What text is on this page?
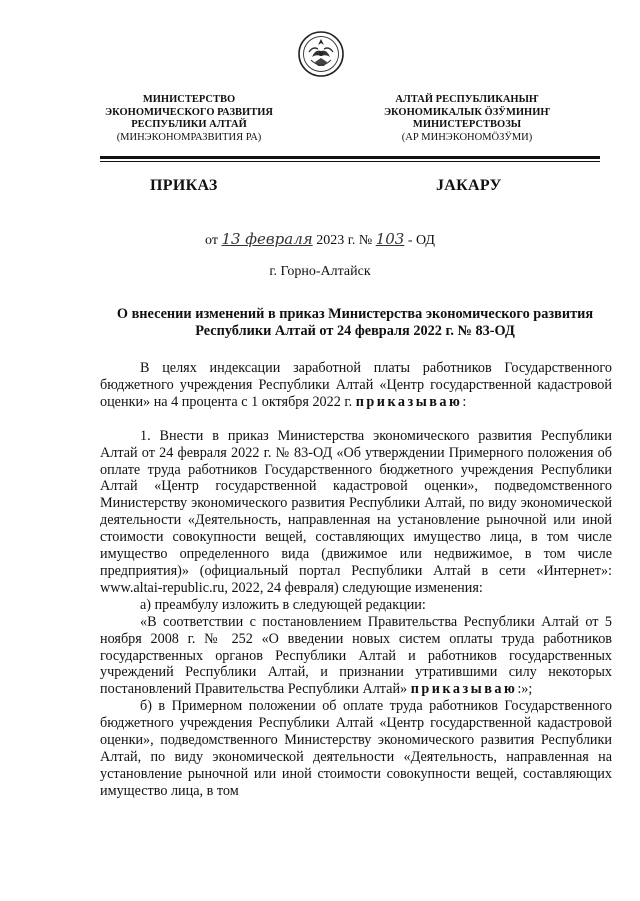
МИНИСТЕРСТВО
ЭКОНОМИЧЕСКОГО РАЗВИТИЯ
РЕСПУБЛИКИ АЛТАЙ
(МИНЭКОНОМРАЗВИТИЯ РА)
АЛТАЙ РЕСПУБЛИКАНЫҤ
ЭКОНОМИКАЛЫК ӦЗӰМИНИҤ
МИНИСТЕРСТВОЗЫ
(АР МИНЭКОНОМӦЗӰМИ)
ПРИКАЗ	ЈАКАРУ
от 13 февраля 2023 г. № 103 - ОД
г. Горно-Алтайск
О внесении изменений в приказ Министерства экономического развития
Республики Алтай от 24 февраля 2022 г. № 83-ОД

В целях индексации заработной платы работников Государственного бюджетного учреждения Республики Алтай «Центр государственной кадастровой оценки» на 4 процента с 1 октября 2022 г. приказываю:

1. Внести в приказ Министерства экономического развития Республики Алтай от 24 февраля 2022 г. № 83-ОД «Об утверждении Примерного положения об оплате труда работников Государственного бюджетного учреждения Республики Алтай «Центр государственной кадастровой оценки», подведомственного Министерству экономического развития Республики Алтай, по виду экономической деятельности «Деятельность, направленная на установление рыночной или иной стоимости совокупности вещей, составляющих имущество лица, в том числе имущество определенного вида (движимое или недвижимое, в том числе предприятия)» (официальный портал Республики Алтай в сети «Интернет»: www.altai-republic.ru, 2022, 24 февраля) следующие изменения:

а) преамбулу изложить в следующей редакции:

«В соответствии с постановлением Правительства Республики Алтай от 5 ноября 2008 г. № 252 «О введении новых систем оплаты труда работников государственных органов Республики Алтай и работников государственных учреждений Республики Алтай, и признании утратившими силу некоторых постановлений Правительства Республики Алтай» приказываю:»;

б) в Примерном положении об оплате труда работников Государственного бюджетного учреждения Республики Алтай «Центр государственной кадастровой оценки», подведомственного Министерству экономического развития Республики Алтай, по виду экономической деятельности «Деятельность, направленная на установление рыночной или иной стоимости совокупности вещей, составляющих имущество лица, в том
